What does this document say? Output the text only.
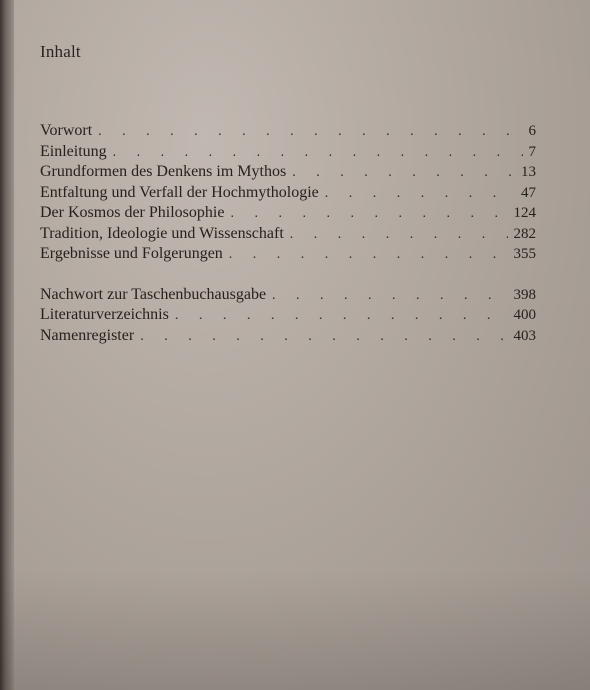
Inhalt
Vorwort . . .	6
Einleitung . . .	7
Grundformen des Denkens im Mythos . . .	13
Entfaltung und Verfall der Hochmythologie . . .	47
Der Kosmos der Philosophie . . .	124
Tradition, Ideologie und Wissenschaft . . .	282
Ergebnisse und Folgerungen . . .	355
Nachwort zur Taschenbuchausgabe . . .	398
Literaturverzeichnis . . .	400
Namenregister . . .	403
